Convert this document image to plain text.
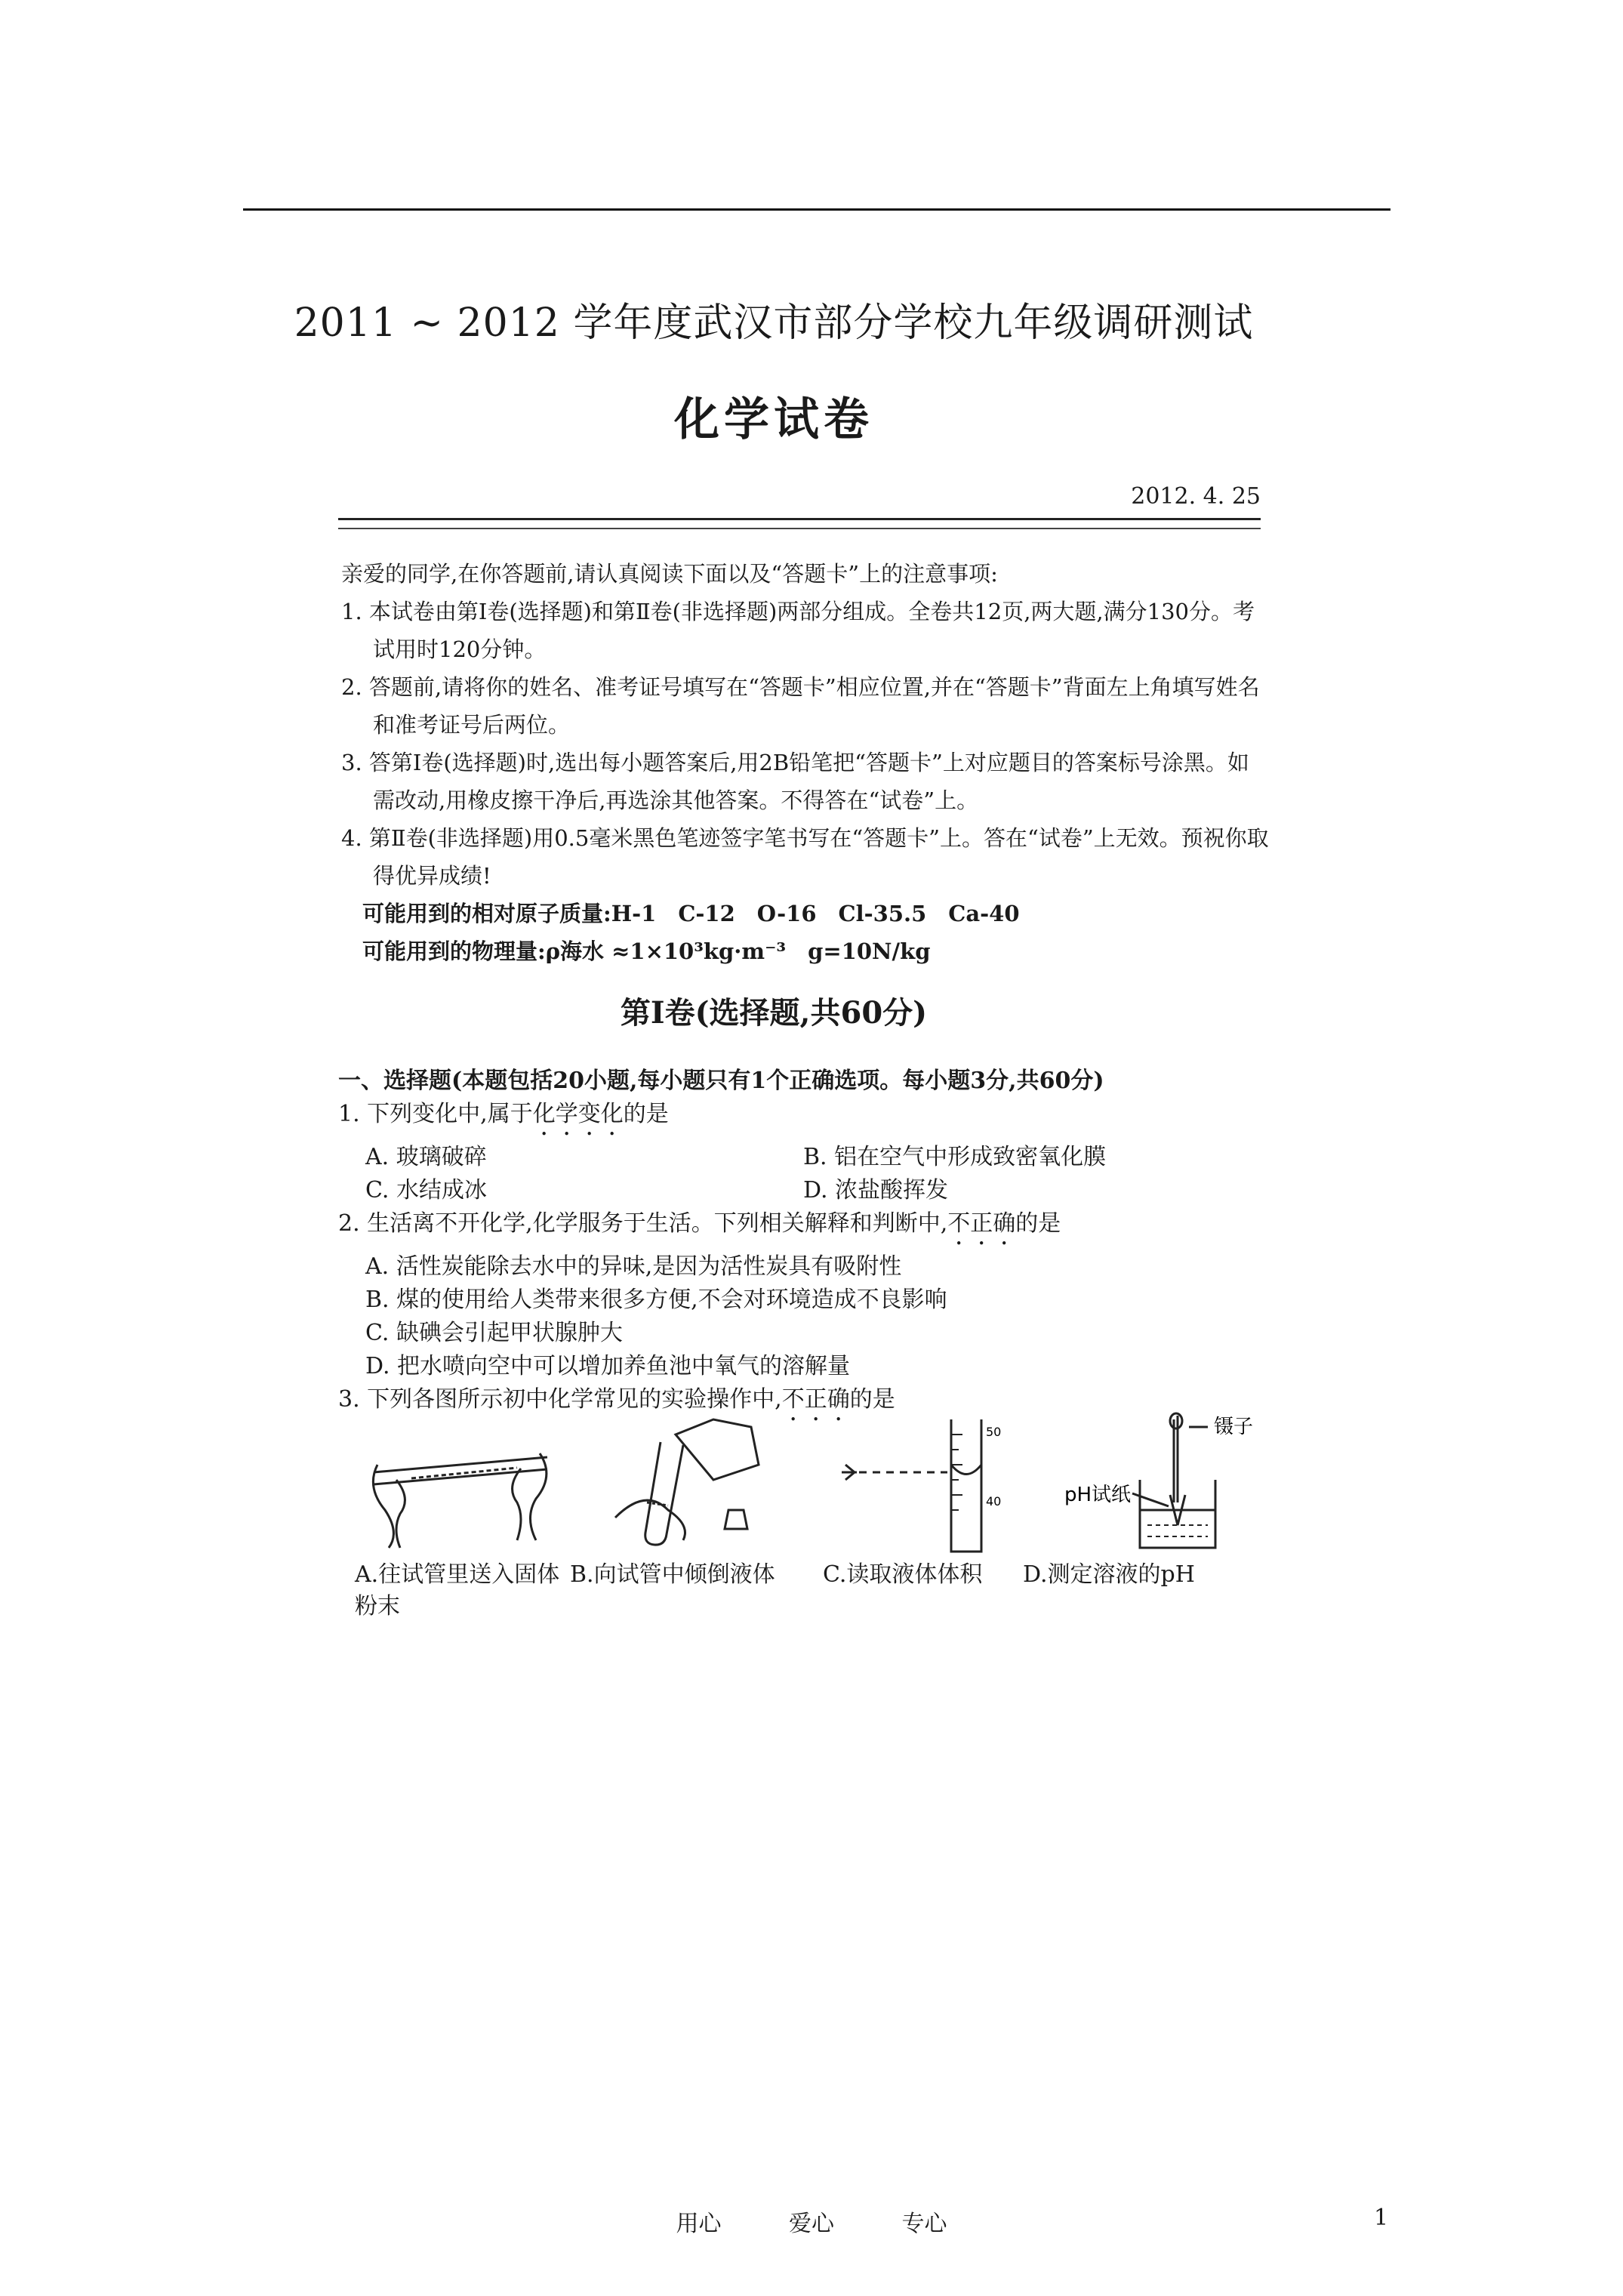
2011 ~ 2012 学年度武汉市部分学校九年级调研测试
化学试卷
2012. 4. 25
亲爱的同学,在你答题前,请认真阅读下面以及“答题卡”上的注意事项:
1. 本试卷由第Ⅰ卷(选择题)和第Ⅱ卷(非选择题)两部分组成。全卷共12页,两大题,满分130分。考试用时120分钟。
2. 答题前,请将你的姓名、准考证号填写在“答题卡”相应位置,并在“答题卡”背面左上角填写姓名和准考证号后两位。
3. 答第Ⅰ卷(选择题)时,选出每小题答案后,用2B铅笔把“答题卡”上对应题目的答案标号涂黑。如需改动,用橡皮擦干净后,再选涂其他答案。不得答在“试卷”上。
4. 第Ⅱ卷(非选择题)用0.5毫米黑色笔迹签字笔书写在“答题卡”上。答在“试卷”上无效。预祝你取得优异成绩!
可能用到的相对原子质量:H-1　C-12　O-16　Cl-35.5　Ca-40
可能用到的物理量:ρ海水 ≈1×10³kg·m⁻³　g=10N/kg
第Ⅰ卷(选择题,共60分)
一、选择题(本题包括20小题,每小题只有1个正确选项。每小题3分,共60分)
1. 下列变化中,属于化学变化的是
A. 玻璃破碎	B. 铝在空气中形成致密氧化膜
C. 水结成冰	D. 浓盐酸挥发
2. 生活离不开化学,化学服务于生活。下列相关解释和判断中,不正确的是
A. 活性炭能除去水中的异味,是因为活性炭具有吸附性
B. 煤的使用给人类带来很多方便,不会对环境造成不良影响
C. 缺碘会引起甲状腺肿大
D. 把水喷向空中可以增加养鱼池中氧气的溶解量
3. 下列各图所示初中化学常见的实验操作中,不正确的是
50
40
镊子
pH试纸
A.往试管里送入固体粉末
B.向试管中倾倒液体	C.读取液体体积	D.测定溶液的pH
用心	爱心	专心	1
